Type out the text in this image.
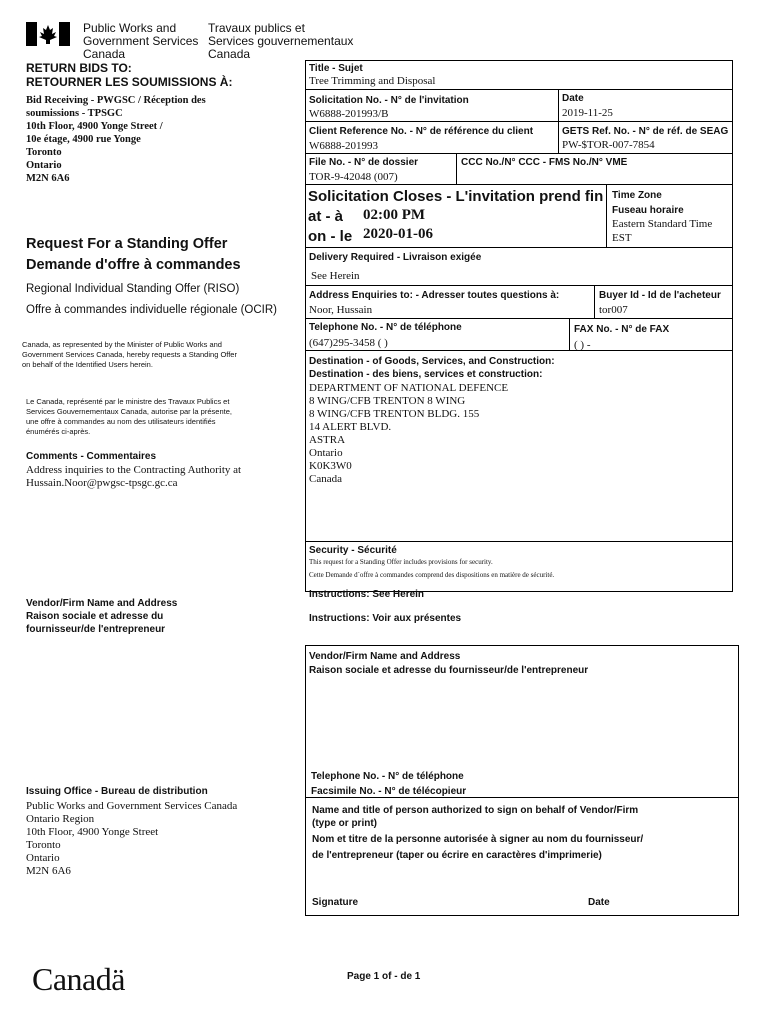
Public Works and
Government Services
Canada
Travaux publics et
Services gouvernementaux
Canada
RETURN BIDS TO:
RETOURNER LES SOUMISSIONS À:
Bid Receiving - PWGSC / Réception des
soumissions - TPSGC
10th Floor, 4900 Yonge Street /
10e étage, 4900 rue Yonge
Toronto
Ontario
M2N 6A6
Request For a Standing Offer
Demande d'offre à commandes
Regional Individual Standing Offer (RISO)
Offre à commandes individuelle régionale (OCIR)
Canada, as represented by the Minister of Public Works and
Government Services Canada, hereby requests a Standing Offer
on behalf of the Identified Users herein.
Le Canada, représenté par le ministre des Travaux Publics et
Services Gouvernementaux Canada, autorise par la présente,
une offre à commandes au nom des utilisateurs identifiés
énumérés ci-après.
Comments - Commentaires
Address inquiries to the Contracting Authority at
Hussain.Noor@pwgsc-tpsgc.gc.ca
Vendor/Firm Name and Address
Raison sociale et adresse du
fournisseur/de l'entrepreneur
Issuing Office - Bureau de distribution
Public Works and Government Services Canada
Ontario Region
10th Floor, 4900 Yonge Street
Toronto
Ontario
M2N 6A6
Title - Sujet
Tree Trimming and Disposal
Solicitation No. - N° de l'invitation
W6888-201993/B
Date
2019-11-25
Client Reference No. - N° de référence du client
W6888-201993
GETS Ref. No. - N° de réf. de SEAG
PW-$TOR-007-7854
File No. - N° de dossier
TOR-9-42048 (007)
CCC No./N° CCC - FMS No./N° VME
Solicitation Closes - L'invitation prend fin
at - à 02:00 PM
on - le 2020-01-06
Time Zone
Fuseau horaire
Eastern Standard Time
EST
Delivery Required - Livraison exigée
See Herein
Address Enquiries to: - Adresser toutes questions à:
Noor, Hussain
Buyer Id - Id de l'acheteur
tor007
Telephone No. - N° de téléphone
(647)295-3458 ( )
FAX No. - N° de FAX
( ) -
Destination - of Goods, Services, and Construction:
Destination - des biens, services et construction:
DEPARTMENT OF NATIONAL DEFENCE
8 WING/CFB TRENTON 8 WING
8 WING/CFB TRENTON BLDG. 155
14 ALERT BLVD.
ASTRA
Ontario
K0K3W0
Canada
Security - Sécurité
This request for a Standing Offer includes provisions for security.
Cette Demande d`offre à commandes comprend des dispositions en matière de sécurité.
Instructions: See Herein
Instructions: Voir aux présentes
Vendor/Firm Name and Address
Raison sociale et adresse du fournisseur/de l'entrepreneur
Telephone No. - N° de téléphone
Facsimile No. - N° de télécopieur
Name and title of person authorized to sign on behalf of Vendor/Firm
(type or print)
Nom et titre de la personne autorisée à signer au nom du fournisseur/
de l'entrepreneur (taper ou écrire en caractères d'imprimerie)
Signature	Date
Canadä	Page 1 of - de 1
